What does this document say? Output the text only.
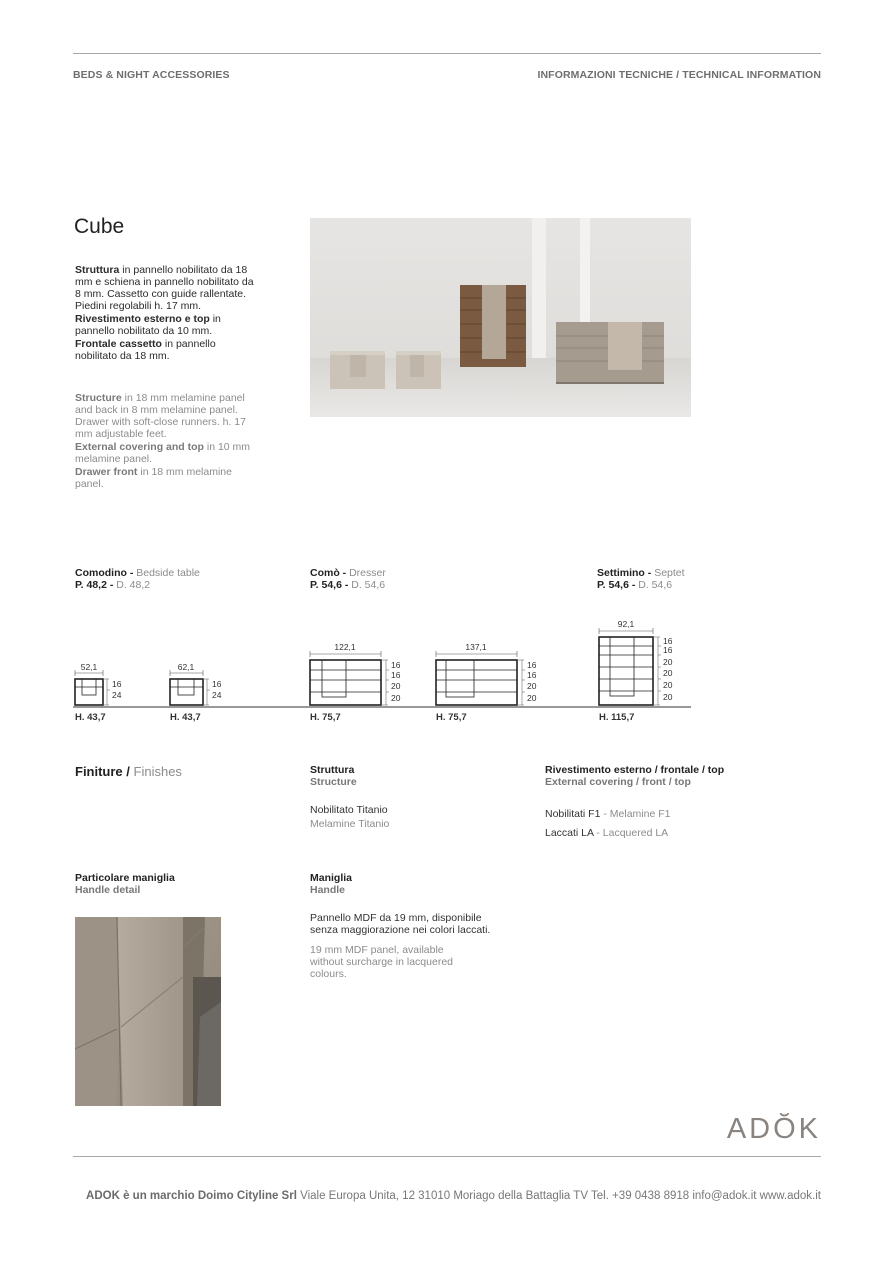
BEDS & NIGHT ACCESSORIES	INFORMAZIONI TECNICHE / TECHNICAL INFORMATION
Cube

Struttura in pannello nobilitato da 18 mm e schiena in pannello nobilitato da 8 mm. Cassetto con guide rallentate. Piedini regolabili h. 17 mm.

Rivestimento esterno e top in pannello nobilitato da 10 mm.

Frontale cassetto in pannello nobilitato da 18 mm.

Structure in 18 mm melamine panel and back in 8 mm melamine panel. Drawer with soft-close runners. h. 17 mm adjustable feet.

External covering and top in 10 mm melamine panel.

Drawer front in 18 mm melamine panel.

Comodino - Bedside table
P. 48,2 - D. 48,2
Comò - Dresser
P. 54,6 - D. 54,6
Settimino - Septet
P. 54,6 - D. 54,6
52,1
16
24
62,1
16
24
122,1
16
16
20
20
137,1
16
16
20
20
92,1
16
16
20
20
20
20
H. 43,7	H. 43,7	H. 75,7	H. 75,7	H. 115,7
Finiture / Finishes	Struttura
Structure
Nobilitato Titanio
Melamine Titanio
Rivestimento esterno / frontale / top
External covering / front / top
Nobilitati F1 - Melamine F1
Laccati LA - Lacquered LA
Particolare maniglia
Handle detail
Maniglia
Handle
Pannello MDF da 19 mm, disponibile senza maggiorazione nei colori laccati.
19 mm MDF panel, available without surcharge in lacquered colours.
ADŎK
ADOK è un marchio Doimo Cityline Srl Viale Europa Unita, 12 31010 Moriago della Battaglia TV Tel. +39 0438 8918 info@adok.it www.adok.it
